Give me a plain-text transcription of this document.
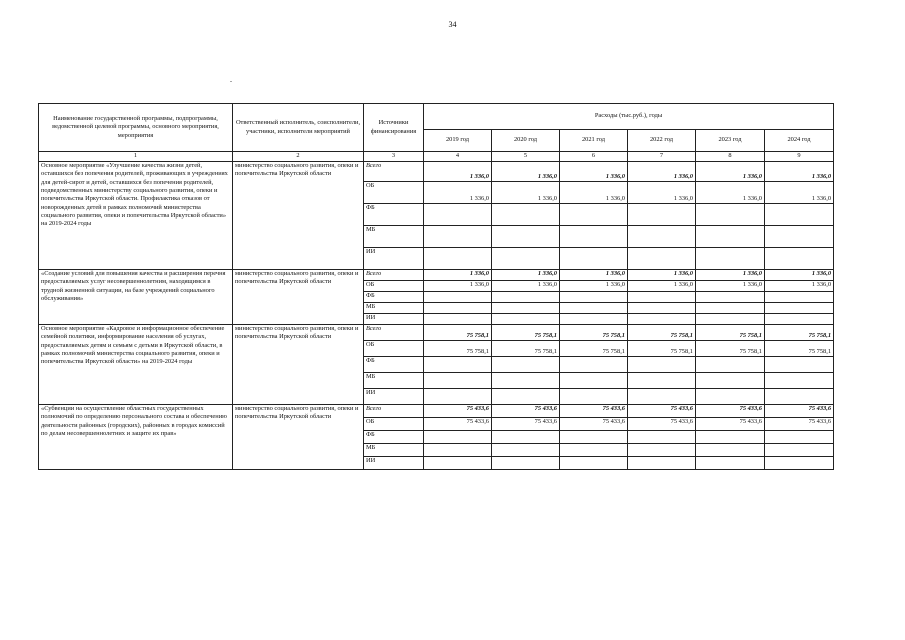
34
.
Наименование государственной программы, подпрограммы, ведомственной целевой программы, основного мероприятия, мероприятия	Ответственный исполнитель, соисполнители, участники, исполнители мероприятий	Источники финансирования	Расходы (тыс.руб.), годы					
			2019 год	2020 год	2021 год	2022 год	2023 год	2024 год
1	2	3	4	5	6	7	8	9
Основное мероприятие «Улучшение качества жизни детей, оставшихся без попечения родителей, проживающих в учреждениях для детей-сирот и детей, оставшихся без попечения родителей, подведомственных министерству социального развития, опеки и попечительства Иркутской области. Профилактика отказов от новорожденных детей в рамках полномочий министерства социального развития, опеки и попечительства Иркутской области» на 2019-2024 годы	министерство социального развития, опеки и попечительства Иркутской области	Всего	1 336,0	1 336,0	1 336,0	1 336,0	1 336,0	1 336,0
		ОБ	1 336,0	1 336,0	1 336,0	1 336,0	1 336,0	1 336,0
		ФБ						
		МБ						
		ИИ						
«Создание условий для повышения качества и расширения перечня предоставляемых услуг несовершеннолетним, находящимся в трудной жизненной ситуации, на базе учреждений социального обслуживания»	министерство социального развития, опеки и попечительства Иркутской области	Всего	1 336,0	1 336,0	1 336,0	1 336,0	1 336,0	1 336,0
		ОБ	1 336,0	1 336,0	1 336,0	1 336,0	1 336,0	1 336,0
		ФБ						
		МБ						
		ИИ						
Основное мероприятие «Кадровое и информационное обеспечение семейной политики, информирование населения об услугах, предоставляемых детям и семьям с детьми в Иркутской области, в рамках полномочий министерства социального развития, опеки и попечительства Иркутской области» на 2019-2024 годы	министерство социального развития, опеки и попечительства Иркутской области	Всего	75 758,1	75 758,1	75 758,1	75 758,1	75 758,1	75 758,1
		ОБ	75 758,1	75 758,1	75 758,1	75 758,1	75 758,1	75 758,1
		ФБ						
		МБ						
		ИИ						
«Субвенции на осуществление областных государственных полномочий по определению персонального состава и обеспечению деятельности районных (городских), районных в городах комиссий по делам несовершеннолетних и защите их прав»	министерство социального развития, опеки и попечительства Иркутской области	Всего	75 433,6	75 433,6	75 433,6	75 433,6	75 433,6	75 433,6
		ОБ	75 433,6	75 433,6	75 433,6	75 433,6	75 433,6	75 433,6
		ФБ						
		МБ						
		ИИ						
